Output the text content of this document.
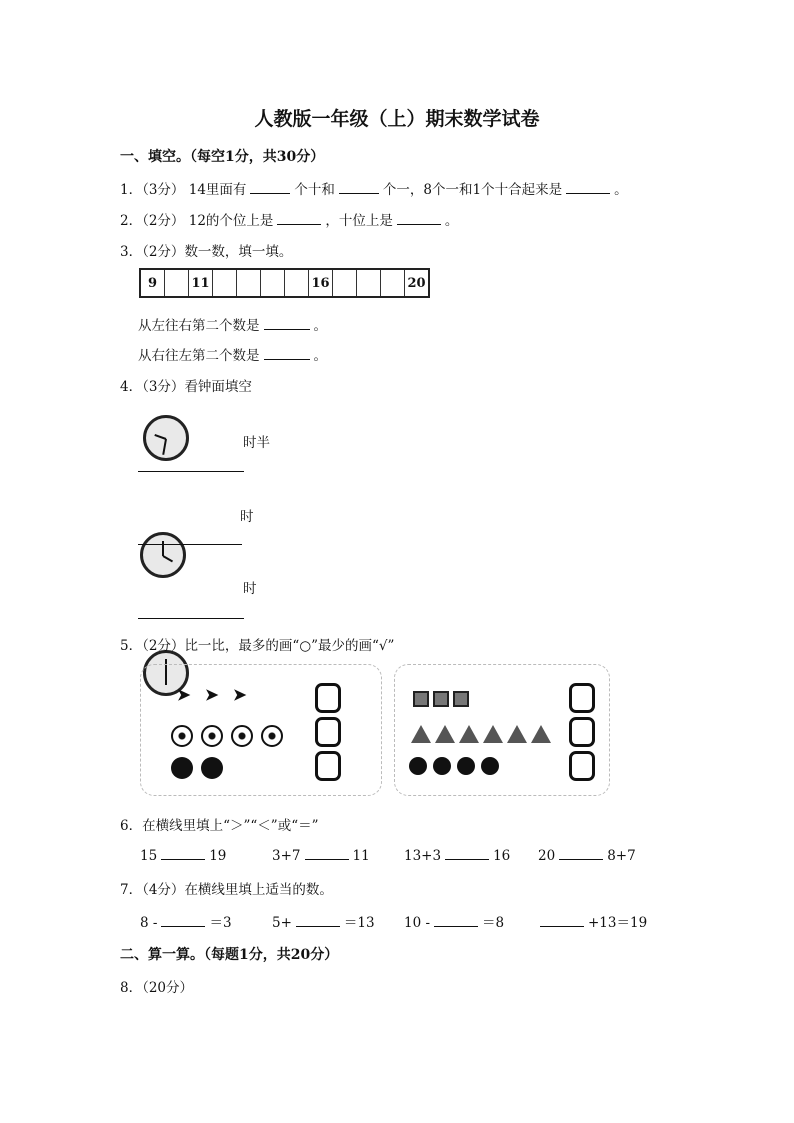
人教版一年级（上）期末数学试卷
一、填空。（每空1分，共30分）
1．（3分） 14里面有	个十和	个一，8个一和1个十合起来是	。
2．（2分） 12的个位上是	，十位上是	。
3．（2分）数一数，填一填。
9	11	16	20
从左往右第二个数是	。
从右往左第二个数是	。
4．（3分）看钟面填空
时半
时
时
5．（2分）比一比，最多的画“○”最少的画“√”
➤ ➤ ➤
6．在横线里填上“＞”“＜”或“＝”
15	19	3+7	11	13+3	16 20	8+7
7．（4分）在横线里填上适当的数。
8 -	＝3	5+	＝13 10 -	＝8	+13＝19
二、算一算。（每题1分，共20分）
8．（20分）
